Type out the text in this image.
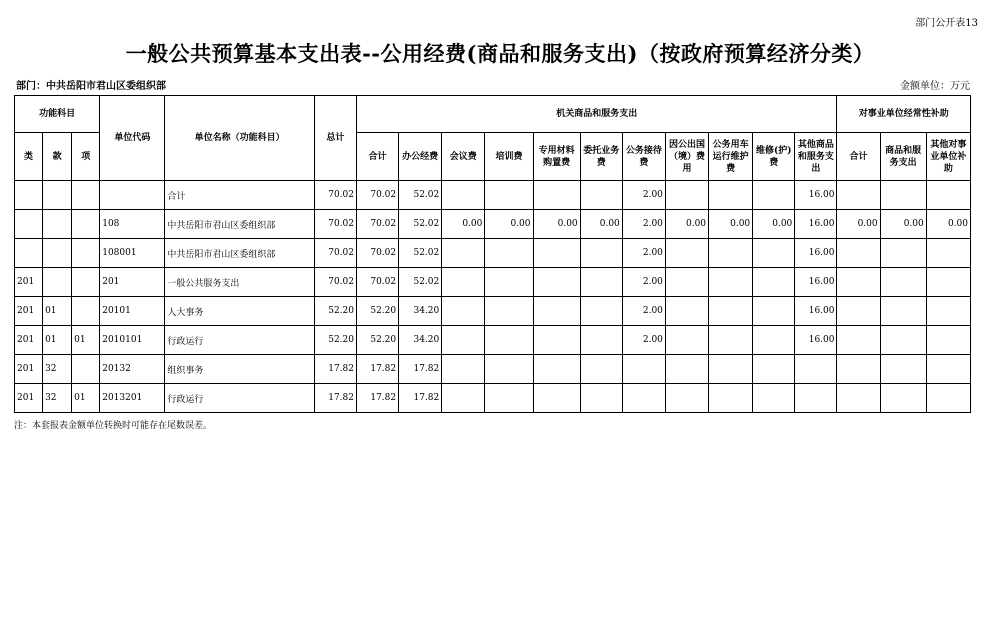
部门公开表13
一般公共预算基本支出表--公用经费(商品和服务支出)（按政府预算经济分类）
部门：中共岳阳市君山区委组织部	金额单位：万元
功能科目			单位代码	单位名称（功能科目）	总计	机关商品和服务支出											对事业单位经常性补助		
类	款	项				合计	办公经费	会议费	培训费	专用材料购置费	委托业务费	公务接待费	因公出国（境）费用	公务用车运行维护费	维修(护)费	其他商品和服务支出	合计	商品和服务支出	其他对事业单位补助
				合计	70.02	70.02	52.02					2.00				16.00			
			108	中共岳阳市君山区委组织部	70.02	70.02	52.02	0.00	0.00	0.00	0.00	2.00	0.00	0.00	0.00	16.00	0.00	0.00	0.00
			108001	中共岳阳市君山区委组织部	70.02	70.02	52.02					2.00				16.00			
201			201	一般公共服务支出	70.02	70.02	52.02					2.00				16.00			
201	01		20101	人大事务	52.20	52.20	34.20					2.00				16.00			
201	01	01	2010101	行政运行	52.20	52.20	34.20					2.00				16.00			
201	32		20132	组织事务	17.82	17.82	17.82												
201	32	01	2013201	行政运行	17.82	17.82	17.82												
注：本套报表金额单位转换时可能存在尾数误差。
